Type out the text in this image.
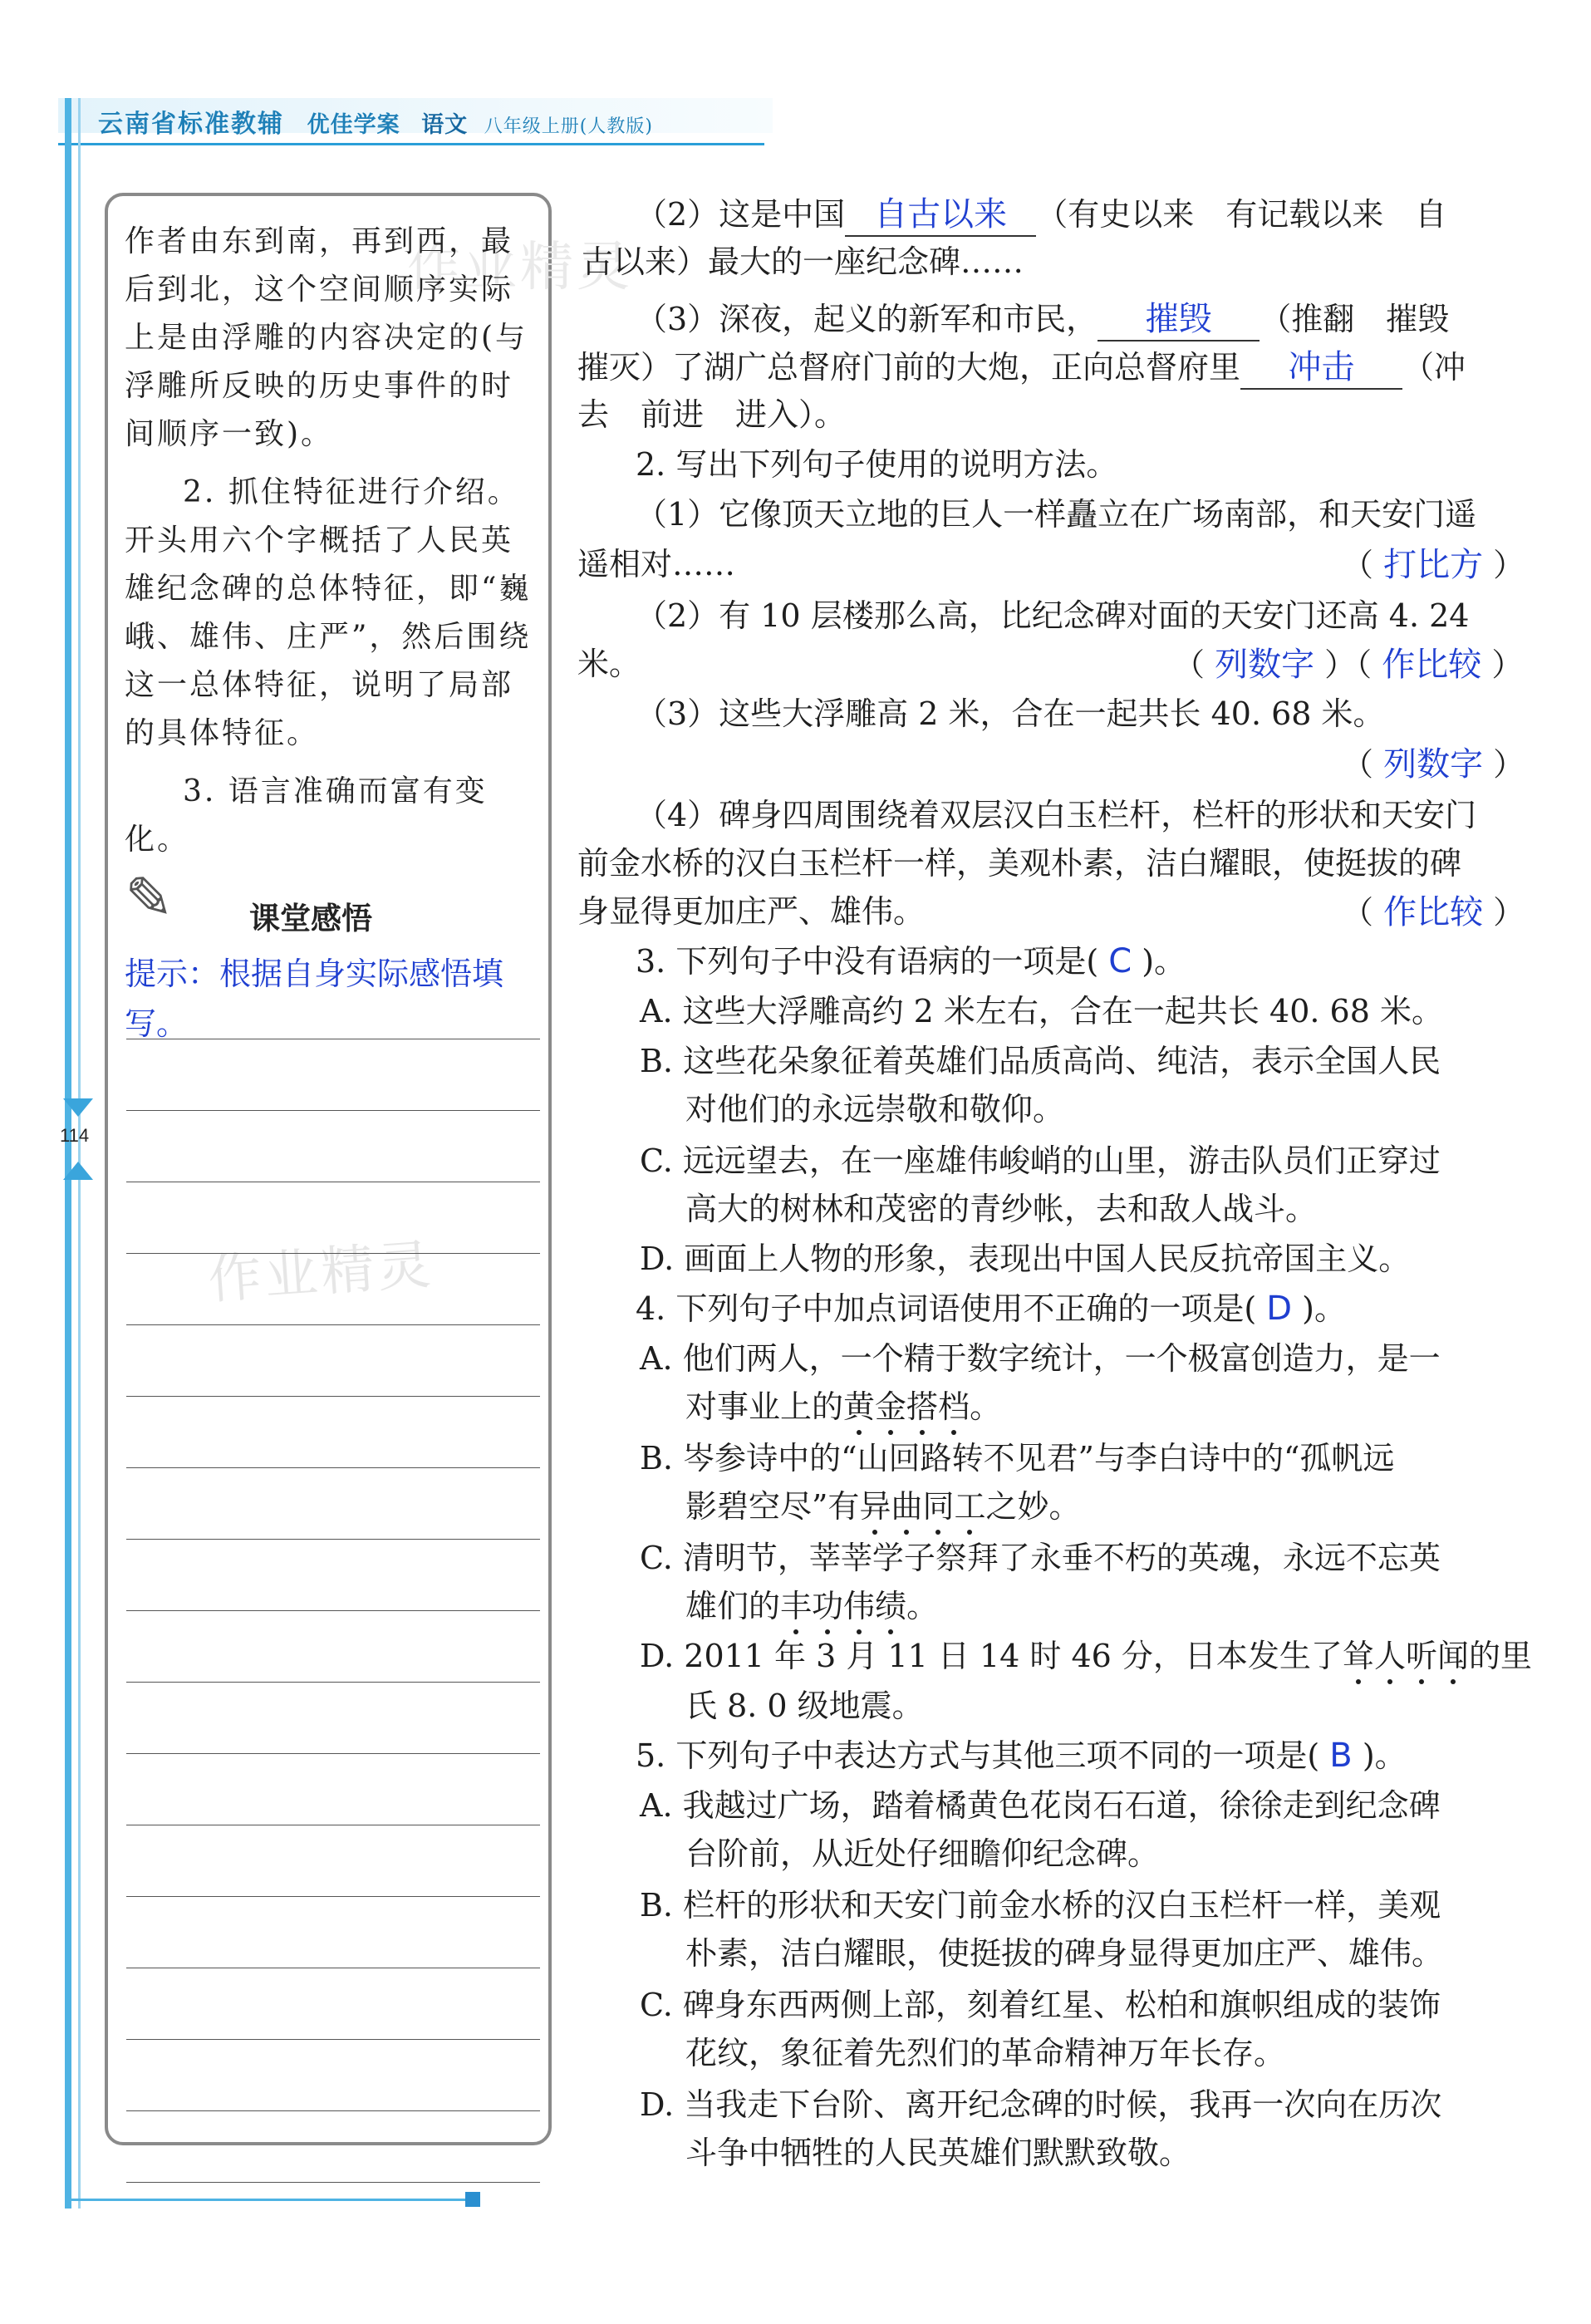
云南省标准教辅 优佳学案 语文 八年级上册(人教版)
114
作业精灵
作者由东到南，再到西，最后到北，这个空间顺序实际上是由浮雕的内容决定的(与浮雕所反映的历史事件的时间顺序一致)。
2. 抓住特征进行介绍。开头用六个字概括了人民英雄纪念碑的总体特征，即“巍峨、雄伟、庄严”，然后围绕这一总体特征，说明了局部的具体特征。
3. 语言准确而富有变化。
✎ 课堂感悟
提示：根据自身实际感悟填写。
作业精灵
（2）这是中国 自古以来 （有史以来　有记载以来　自
古以来）最大的一座纪念碑……
（3）深夜，起义的新军和市民， 摧毁 （推翻　摧毁
摧灭）了湖广总督府门前的大炮，正向总督府里 冲击 （冲
去　前进　进入）。
2. 写出下列句子使用的说明方法。
（1）它像顶天立地的巨人一样矗立在广场南部，和天安门遥
遥相对……	（ 打比方 ）
（2）有 10 层楼那么高，比纪念碑对面的天安门还高 4. 24
米。	（ 列数字 ）（ 作比较 ）
（3）这些大浮雕高 2 米，合在一起共长 40. 68 米。
（ 列数字 ）
（4）碑身四周围绕着双层汉白玉栏杆，栏杆的形状和天安门
前金水桥的汉白玉栏杆一样，美观朴素，洁白耀眼，使挺拔的碑
身显得更加庄严、雄伟。	（ 作比较 ）
3. 下列句子中没有语病的一项是( C )。
A. 这些大浮雕高约 2 米左右，合在一起共长 40. 68 米。
B. 这些花朵象征着英雄们品质高尚、纯洁，表示全国人民
对他们的永远崇敬和敬仰。
C. 远远望去，在一座雄伟峻峭的山里，游击队员们正穿过
高大的树林和茂密的青纱帐，去和敌人战斗。
D. 画面上人物的形象，表现出中国人民反抗帝国主义。
4. 下列句子中加点词语使用不正确的一项是( D )。
A. 他们两人，一个精于数字统计，一个极富创造力，是一
对事业上的黄金搭档。
B. 岑参诗中的“山回路转不见君”与李白诗中的“孤帆远
影碧空尽”有异曲同工之妙。
C. 清明节，莘莘学子祭拜了永垂不朽的英魂，永远不忘英
雄们的丰功伟绩。
D. 2011 年 3 月 11 日 14 时 46 分，日本发生了耸人听闻的里
氏 8. 0 级地震。
5. 下列句子中表达方式与其他三项不同的一项是( B )。
A. 我越过广场，踏着橘黄色花岗石石道，徐徐走到纪念碑
台阶前，从近处仔细瞻仰纪念碑。
B. 栏杆的形状和天安门前金水桥的汉白玉栏杆一样，美观
朴素，洁白耀眼，使挺拔的碑身显得更加庄严、雄伟。
C. 碑身东西两侧上部，刻着红星、松柏和旗帜组成的装饰
花纹，象征着先烈们的革命精神万年长存。
D. 当我走下台阶、离开纪念碑的时候，我再一次向在历次
斗争中牺牲的人民英雄们默默致敬。
